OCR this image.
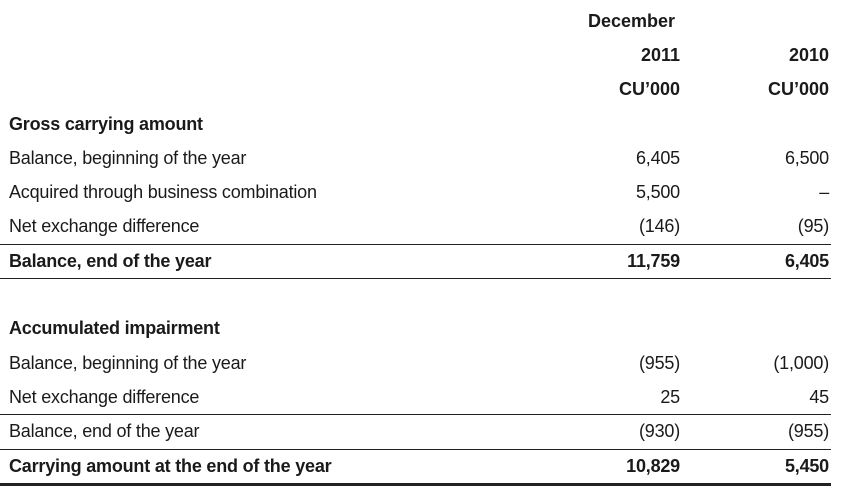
December
2011	2010
CU’000	CU’000
Gross carrying amount
Balance, beginning of the year	6,405	6,500
Acquired through business combination	5,500	–
Net exchange difference	(146)	(95)
Balance, end of the year	11,759	6,405
Accumulated impairment
Balance, beginning of the year	(955)	(1,000)
Net exchange difference	25	45
Balance, end of the year	(930)	(955)
Carrying amount at the end of the year	10,829	5,450
